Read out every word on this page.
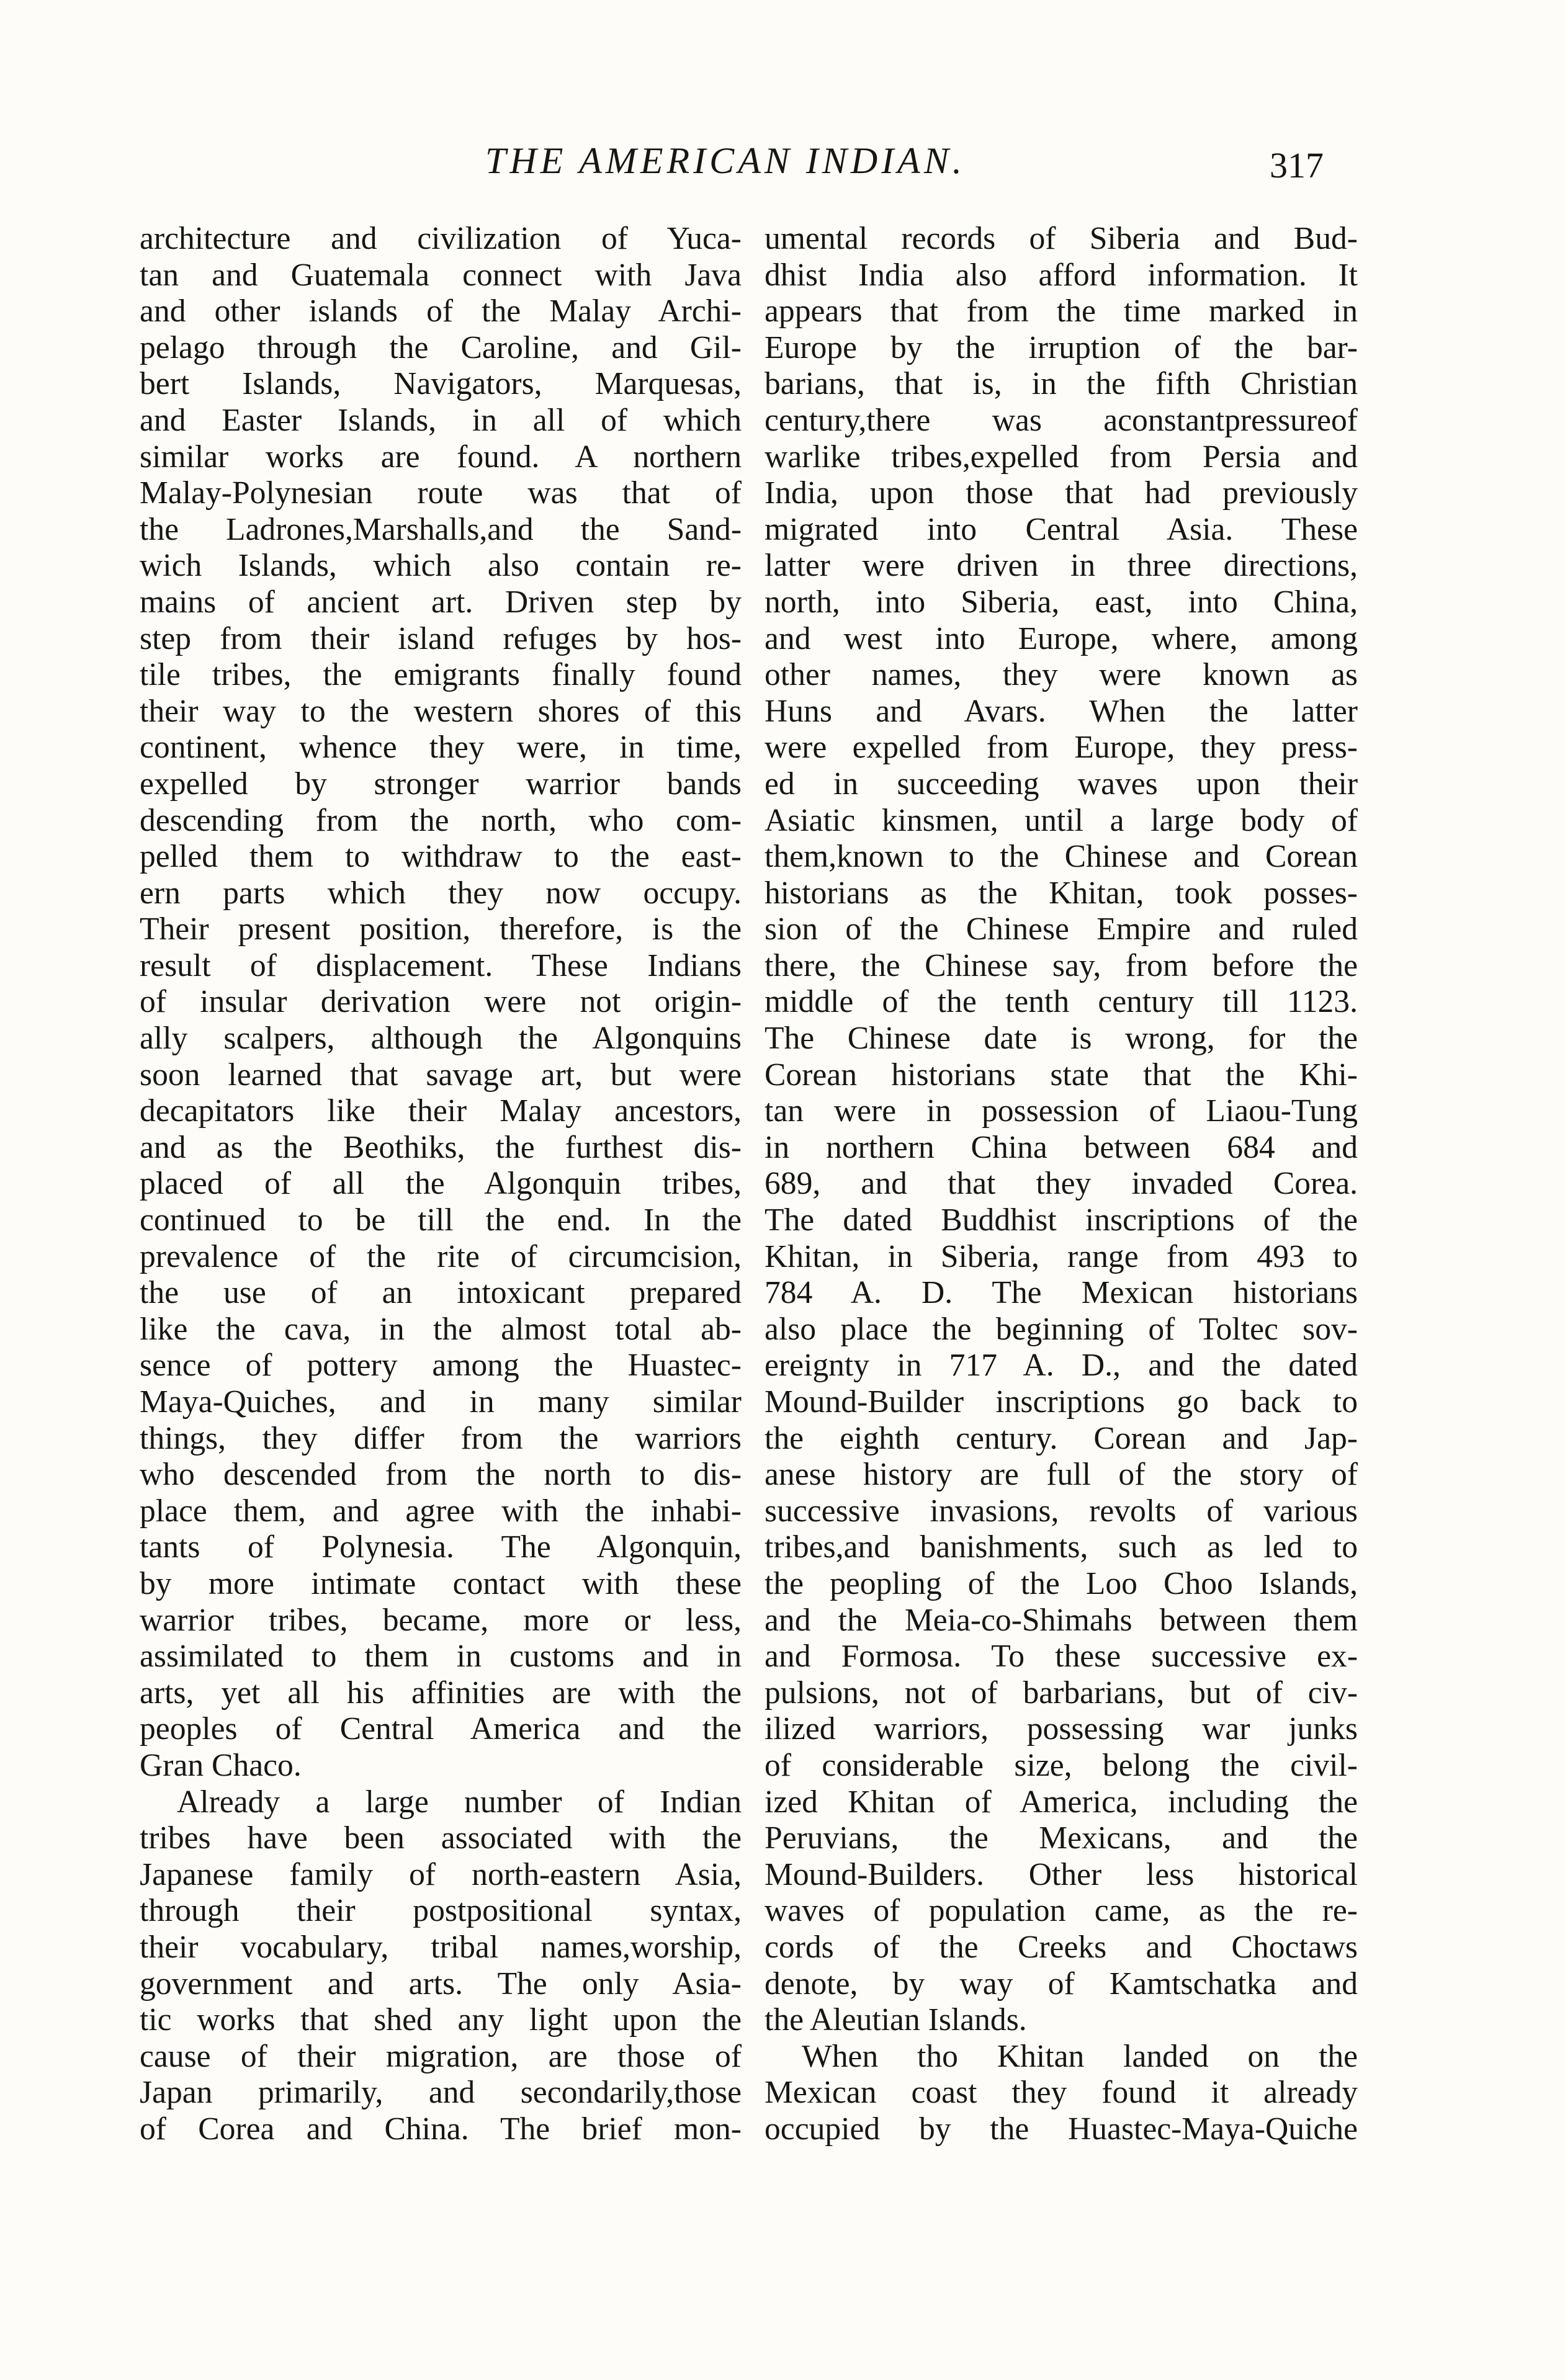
THE AMERICAN INDIAN.	317
architecture and civilization of Yuca-
tan and Guatemala connect with Java
and other islands of the Malay Archi-
pelago through the Caroline, and Gil-
bert Islands, Navigators, Marquesas,
and Easter Islands, in all of which
similar works are found. A northern
Malay-Polynesian route was that of
the Ladrones,Marshalls,and the Sand-
wich Islands, which also contain re-
mains of ancient art. Driven step by
step from their island refuges by hos-
tile tribes, the emigrants finally found
their way to the western shores of this
continent, whence they were, in time,
expelled by stronger warrior bands
descending from the north, who com-
pelled them to withdraw to the east-
ern parts which they now occupy.
Their present position, therefore, is the
result of displacement. These Indians
of insular derivation were not origin-
ally scalpers, although the Algonquins
soon learned that savage art, but were
decapitators like their Malay ancestors,
and as the Beothiks, the furthest dis-
placed of all the Algonquin tribes,
continued to be till the end. In the
prevalence of the rite of circumcision,
the use of an intoxicant prepared
like the cava, in the almost total ab-
sence of pottery among the Huastec-
Maya-Quiches, and in many similar
things, they differ from the warriors
who descended from the north to dis-
place them, and agree with the inhabi-
tants of Polynesia. The Algonquin,
by more intimate contact with these
warrior tribes, became, more or less,
assimilated to them in customs and in
arts, yet all his affinities are with the
peoples of Central America and the
Gran Chaco.
Already a large number of Indian
tribes have been associated with the
Japanese family of north-eastern Asia,
through their postpositional syntax,
their vocabulary, tribal names,worship,
government and arts. The only Asia-
tic works that shed any light upon the
cause of their migration, are those of
Japan primarily, and secondarily,those
of Corea and China. The brief mon-
umental records of Siberia and Bud-
dhist India also afford information. It
appears that from the time marked in
Europe by the irruption of the bar-
barians, that is, in the fifth Christian
century,there was aconstantpressureof
warlike tribes,expelled from Persia and
India, upon those that had previously
migrated into Central Asia. These
latter were driven in three directions,
north, into Siberia, east, into China,
and west into Europe, where, among
other names, they were known as
Huns and Avars. When the latter
were expelled from Europe, they press-
ed in succeeding waves upon their
Asiatic kinsmen, until a large body of
them,known to the Chinese and Corean
historians as the Khitan, took posses-
sion of the Chinese Empire and ruled
there, the Chinese say, from before the
middle of the tenth century till 1123.
The Chinese date is wrong, for the
Corean historians state that the Khi-
tan were in possession of Liaou-Tung
in northern China between 684 and
689, and that they invaded Corea.
The dated Buddhist inscriptions of the
Khitan, in Siberia, range from 493 to
784 A. D. The Mexican historians
also place the beginning of Toltec sov-
ereignty in 717 A. D., and the dated
Mound-Builder inscriptions go back to
the eighth century. Corean and Jap-
anese history are full of the story of
successive invasions, revolts of various
tribes,and banishments, such as led to
the peopling of the Loo Choo Islands,
and the Meia-co-Shimahs between them
and Formosa. To these successive ex-
pulsions, not of barbarians, but of civ-
ilized warriors, possessing war junks
of considerable size, belong the civil-
ized Khitan of America, including the
Peruvians, the Mexicans, and the
Mound-Builders. Other less historical
waves of population came, as the re-
cords of the Creeks and Choctaws
denote, by way of Kamtschatka and
the Aleutian Islands.
When tho Khitan landed on the
Mexican coast they found it already
occupied by the Huastec-Maya-Quiche
